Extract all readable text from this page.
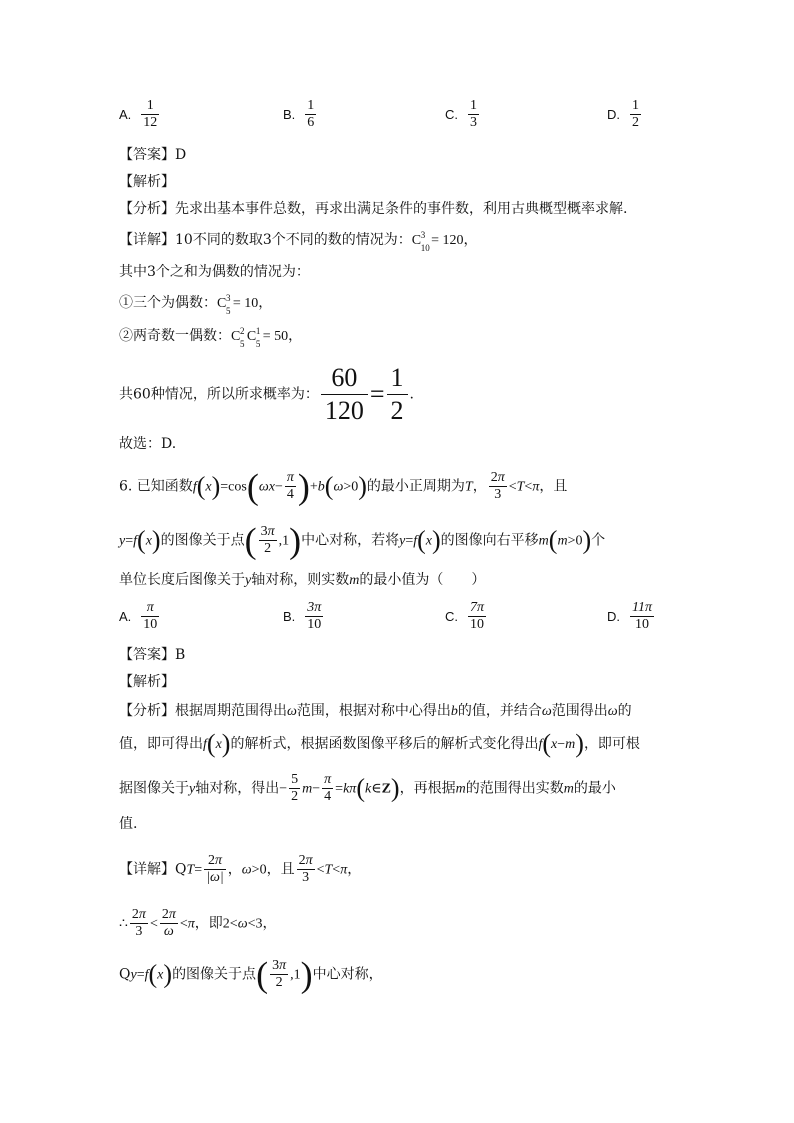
A. $\frac{1}{12}$	B. $\frac{1}{6}$	C. $\frac{1}{3}$	D. $\frac{1}{2}$
【答案】D
【解析】
【分析】先求出基本事件总数，再求出满足条件的事件数，利用古典概型概率求解.
【详解】10不同的数取3个不同的数的情况为：C 3
10 = 120，
其中3个之和为偶数的情况为：
①三个为偶数：C 3
5 = 10，
②两奇数一偶数：C 2
5 C 1
5 = 50，
共60种情况，所以所求概率为： $\frac{60}{120} = \frac{1}{2}$ .
故选：D.
6. 已知函数$f(x)=\cos(\omega x- \frac{\pi}{4} )+b(\omega>0)$的最小正周期为T， $\frac{2\pi}{3} <T<\pi$，且
y=f(x)的图像关于点( $\frac{3\pi}{2} ,1$)中心对称，若将y=f(x)的图像向右平移m(m>0)个
单位长度后图像关于y轴对称，则实数m的最小值为（　　）
A. $\frac{\pi}{10}$	B. $\frac{3\pi}{10}$	C. $\frac{7\pi}{10}$	D. $\frac{11\pi}{10}$
【答案】B
【解析】
【分析】根据周期范围得出ω范围，根据对称中心得出b的值，并结合ω范围得出ω的
值，即可得出f(x)的解析式，根据函数图像平移后的解析式变化得出f(x−m)，即可根
据图像关于y轴对称，得出− $\frac{5}{2} m- \frac{\pi}{4}$ =kπ(k∈Z)，再根据m的范围得出实数m的最小
值.
【详解】$QT= \frac{2\pi}{|\omega|}$ ，ω>0，且 $\frac{2\pi}{3} <T<\pi$，
∴ $\frac{2\pi}{3} < \frac{2\pi}{\omega} <\pi$，即2<ω<3，
Qy=f(x)的图像关于点( $\frac{3\pi}{2} ,1$)中心对称，
